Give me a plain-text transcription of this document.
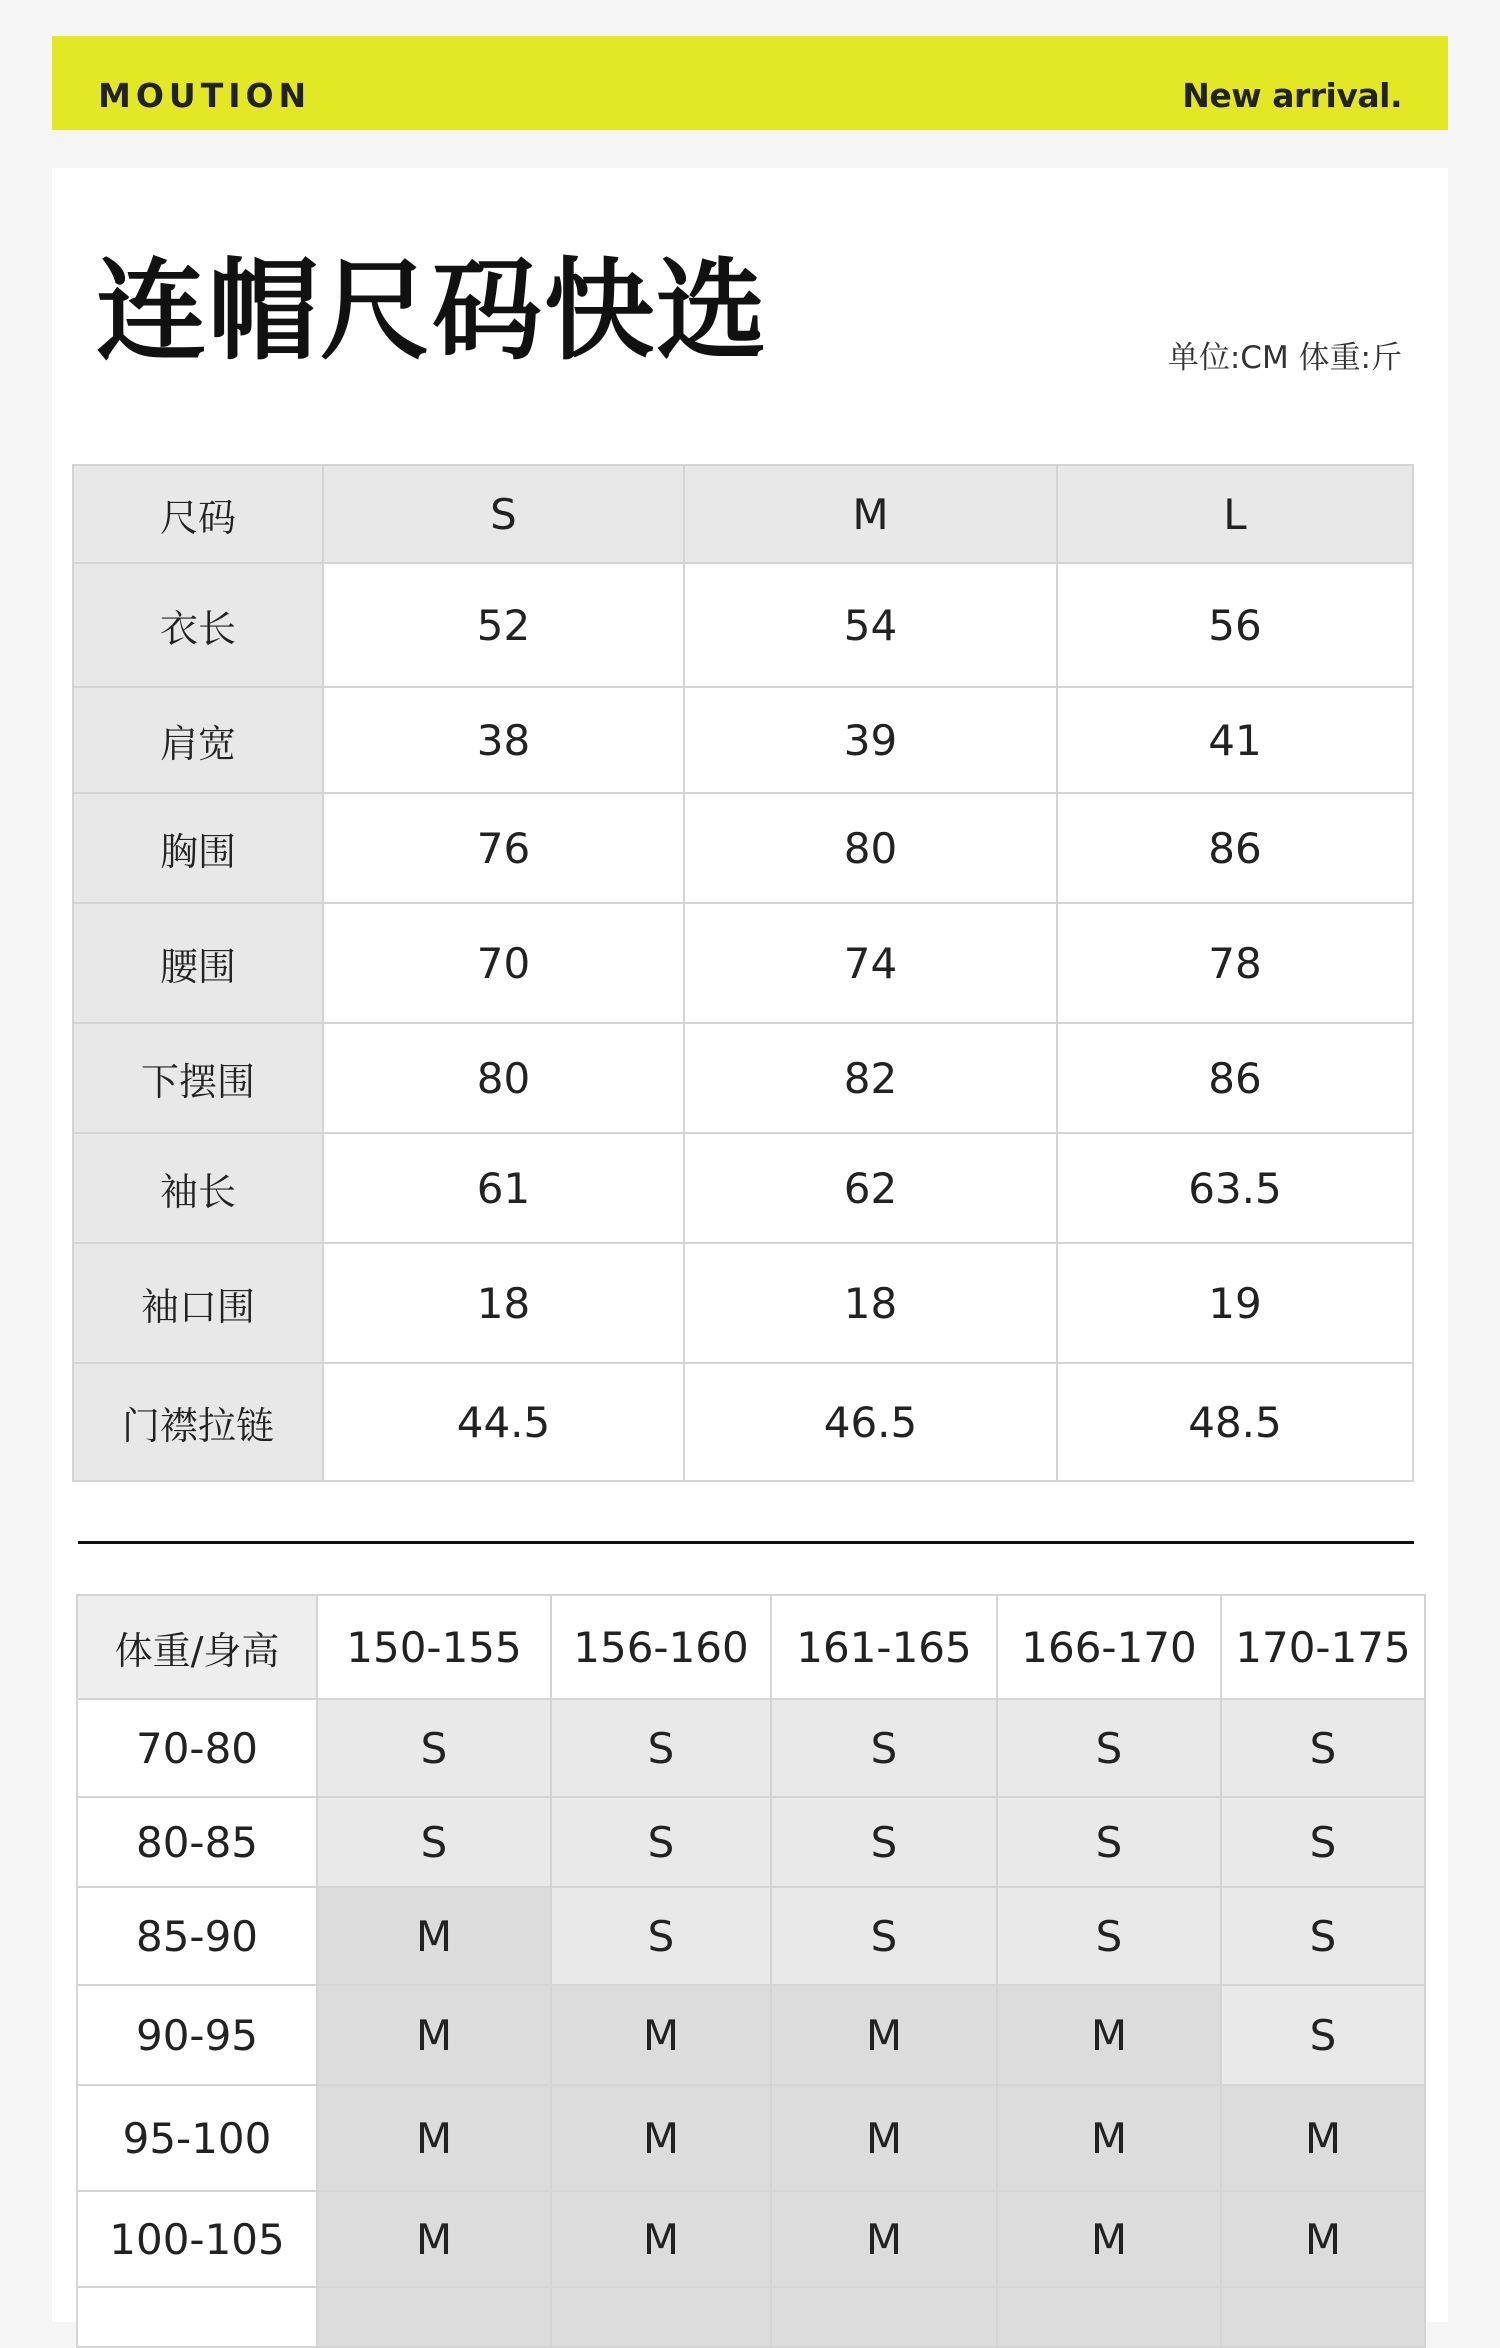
MOUTION	New arrival.
连帽尺码快选	单位:CM 体重:斤
尺码	S	M	L
衣长	52	54	56
肩宽	38	39	41
胸围	76	80	86
腰围	70	74	78
下摆围	80	82	86
袖长	61	62	63.5
袖口围	18	18	19
门襟拉链	44.5	46.5	48.5
体重/身高	150-155	156-160	161-165	166-170	170-175
70-80	S	S	S	S	S
80-85	S	S	S	S	S
85-90	M	S	S	S	S
90-95	M	M	M	M	S
95-100	M	M	M	M	M
100-105	M	M	M	M	M
